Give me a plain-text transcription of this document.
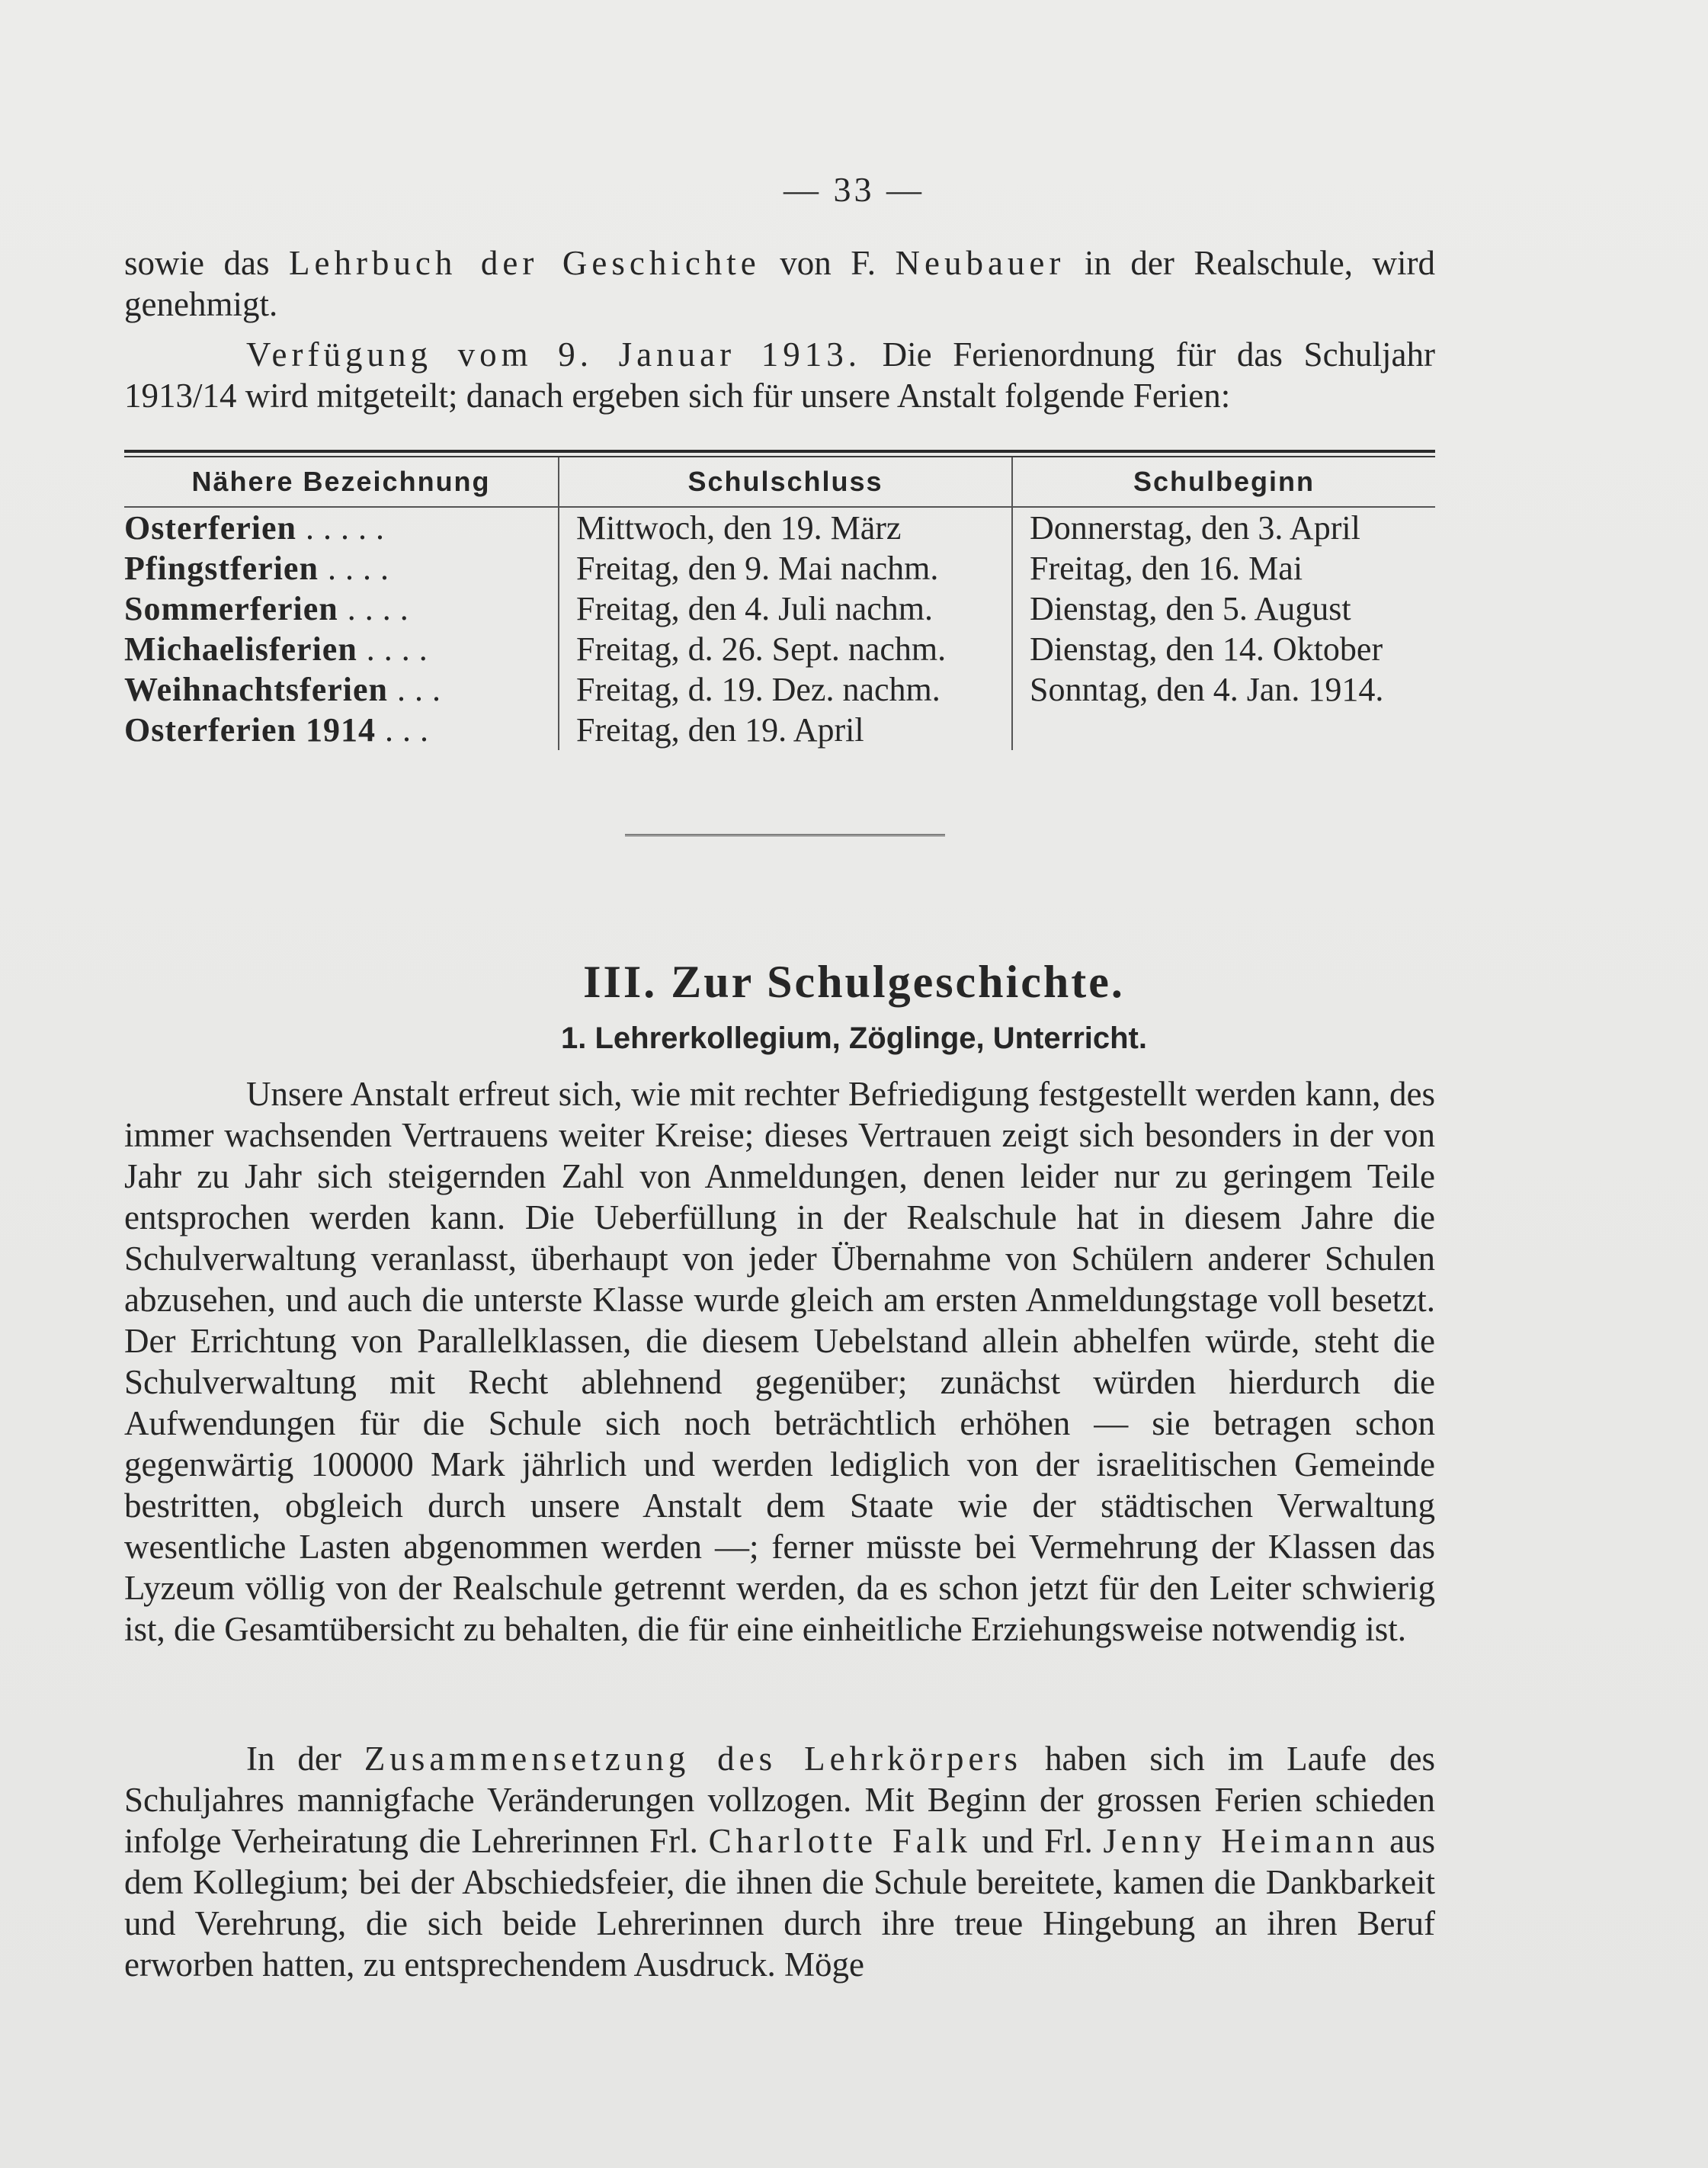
— 33 —
sowie das Lehrbuch der Geschichte von F. Neubauer in der Realschule, wird genehmigt.
Verfügung vom 9. Januar 1913. Die Ferienordnung für das Schuljahr 1913/14 wird mitgeteilt; danach ergeben sich für unsere Anstalt folgende Ferien:
Nähere Bezeichnung	Schulschluss	Schulbeginn
Osterferien .....	Mittwoch, den 19. März	Donnerstag, den 3. April
Pfingstferien ....	Freitag, den 9. Mai nachm.	Freitag, den 16. Mai
Sommerferien ....	Freitag, den 4. Juli nachm.	Dienstag, den 5. August
Michaelisferien ....	Freitag, d. 26. Sept. nachm.	Dienstag, den 14. Oktober
Weihnachtsferien ...	Freitag, d. 19. Dez. nachm.	Sonntag, den 4. Jan. 1914.
Osterferien 1914 ...	Freitag, den 19. April	
III. Zur Schulgeschichte.
1. Lehrerkollegium, Zöglinge, Unterricht.
Unsere Anstalt erfreut sich, wie mit rechter Befriedigung festgestellt werden kann, des immer wachsenden Vertrauens weiter Kreise; dieses Vertrauen zeigt sich besonders in der von Jahr zu Jahr sich steigernden Zahl von Anmeldungen, denen leider nur zu geringem Teile entsprochen werden kann. Die Ueberfüllung in der Realschule hat in diesem Jahre die Schulverwaltung veranlasst, überhaupt von jeder Übernahme von Schülern anderer Schulen abzusehen, und auch die unterste Klasse wurde gleich am ersten Anmeldungstage voll besetzt. Der Errichtung von Parallelklassen, die diesem Uebelstand allein abhelfen würde, steht die Schulverwaltung mit Recht ablehnend gegenüber; zunächst würden hierdurch die Aufwendungen für die Schule sich noch beträchtlich erhöhen — sie betragen schon gegenwärtig 100000 Mark jährlich und werden lediglich von der israelitischen Gemeinde bestritten, obgleich durch unsere Anstalt dem Staate wie der städtischen Verwaltung wesentliche Lasten abgenommen werden —; ferner müsste bei Vermehrung der Klassen das Lyzeum völlig von der Realschule getrennt werden, da es schon jetzt für den Leiter schwierig ist, die Gesamtübersicht zu behalten, die für eine einheitliche Erziehungsweise notwendig ist.
In der Zusammensetzung des Lehrkörpers haben sich im Laufe des Schuljahres mannigfache Veränderungen vollzogen. Mit Beginn der grossen Ferien schieden infolge Verheiratung die Lehrerinnen Frl. Charlotte Falk und Frl. Jenny Heimann aus dem Kollegium; bei der Abschiedsfeier, die ihnen die Schule bereitete, kamen die Dankbarkeit und Verehrung, die sich beide Lehrerinnen durch ihre treue Hingebung an ihren Beruf erworben hatten, zu entsprechendem Ausdruck. Möge
